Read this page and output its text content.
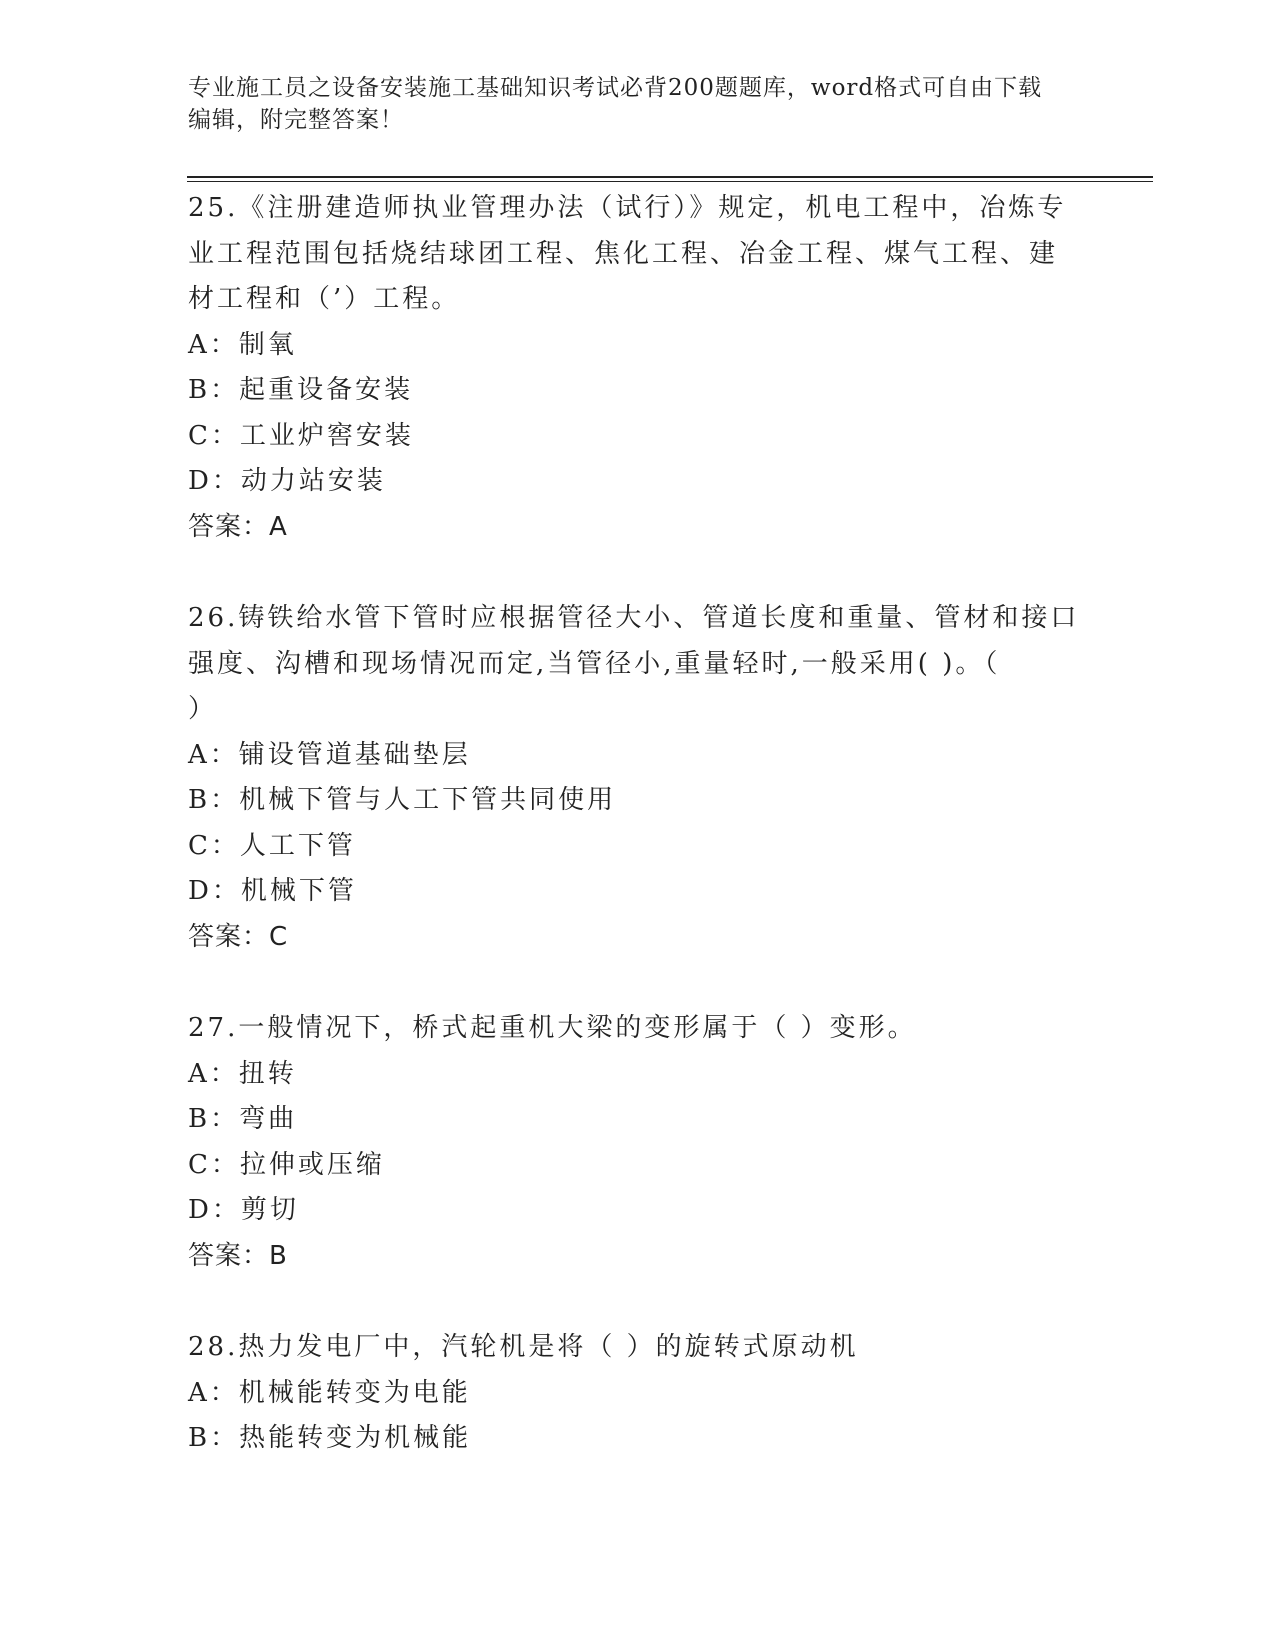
专业施工员之设备安装施工基础知识考试必背200题题库，word格式可自由下载
编辑，附完整答案！
25.《注册建造师执业管理办法（试行）》规定，机电工程中，冶炼专
业工程范围包括烧结球团工程、焦化工程、冶金工程、煤气工程、建
材工程和（’）工程。
A：制氧
B：起重设备安装
C：工业炉窖安装
D：动力站安装
答案：A
26.铸铁给水管下管时应根据管径大小、管道长度和重量、管材和接口
强度、沟槽和现场情况而定,当管径小,重量轻时,一般采用( )。（
）
A：铺设管道基础垫层
B：机械下管与人工下管共同使用
C：人工下管
D：机械下管
答案：C
27.一般情况下，桥式起重机大梁的变形属于（ ）变形。
A：扭转
B：弯曲
C：拉伸或压缩
D：剪切
答案：B
28.热力发电厂中，汽轮机是将（ ）的旋转式原动机
A：机械能转变为电能
B：热能转变为机械能
